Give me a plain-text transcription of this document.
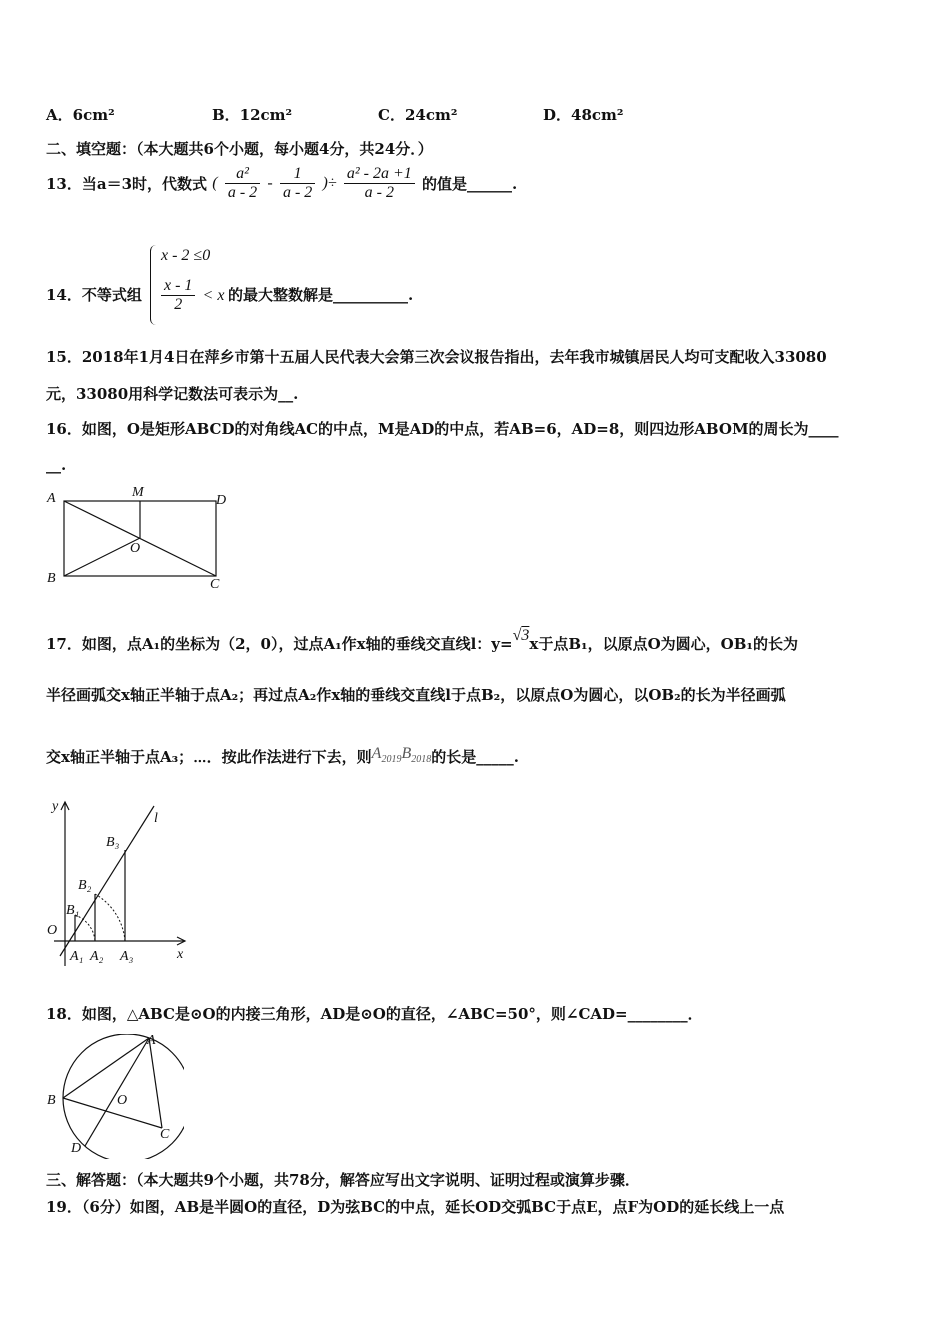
A．6cm²	B．12cm²	C．24cm²	D．48cm²
二、填空题：（本大题共6个小题，每小题4分，共24分．）
13．当a＝3时，代数式 ( $\frac{\text{a²}}{a - 2} - \frac{1}{a - 2}$ )÷ $\frac{\text{a² - 2a +1}}{a - 2}$ 的值是______.
14．不等式组
x - 2 ≤0
$\frac{x - 1}{2} < x$ 的最大整数解是__________.
15．2018年1月4日在萍乡市第十五届人民代表大会第三次会议报告指出，去年我市城镇居民人均可支配收入33080
元，33080用科学记数法可表示为__.
16．如图，O是矩形ABCD的对角线AC的中点，M是AD的中点，若AB=6，AD=8，则四边形ABOM的周长为____
__.
A	M
D
O
B	C
17．如图，点A₁的坐标为（2，0），过点A₁作x轴的垂线交直线l：y=√3x于点B₁，以原点O为圆心，OB₁的长为
半径画弧交x轴正半轴于点A₂；再过点A₂作x轴的垂线交直线l于点B₂，以原点O为圆心，以OB₂的长为半径画弧
交x轴正半轴于点A₃；⋯．按此作法进行下去，则$A_{2019}B_{2018}$的长是_____.
y
l
B₃
B₂
B₁
O
x
A₁ A₂ A₃
18．如图，△ABC是⊙O的内接三角形，AD是⊙O的直径，∠ABC=50°，则∠CAD=________．
A
B	O
C
D
三、解答题：（本大题共9个小题，共78分，解答应写出文字说明、证明过程或演算步骤．
19．（6分）如图，AB是半圆O的直径，D为弦BC的中点，延长OD交弧BC于点E，点F为OD的延长线上一点
